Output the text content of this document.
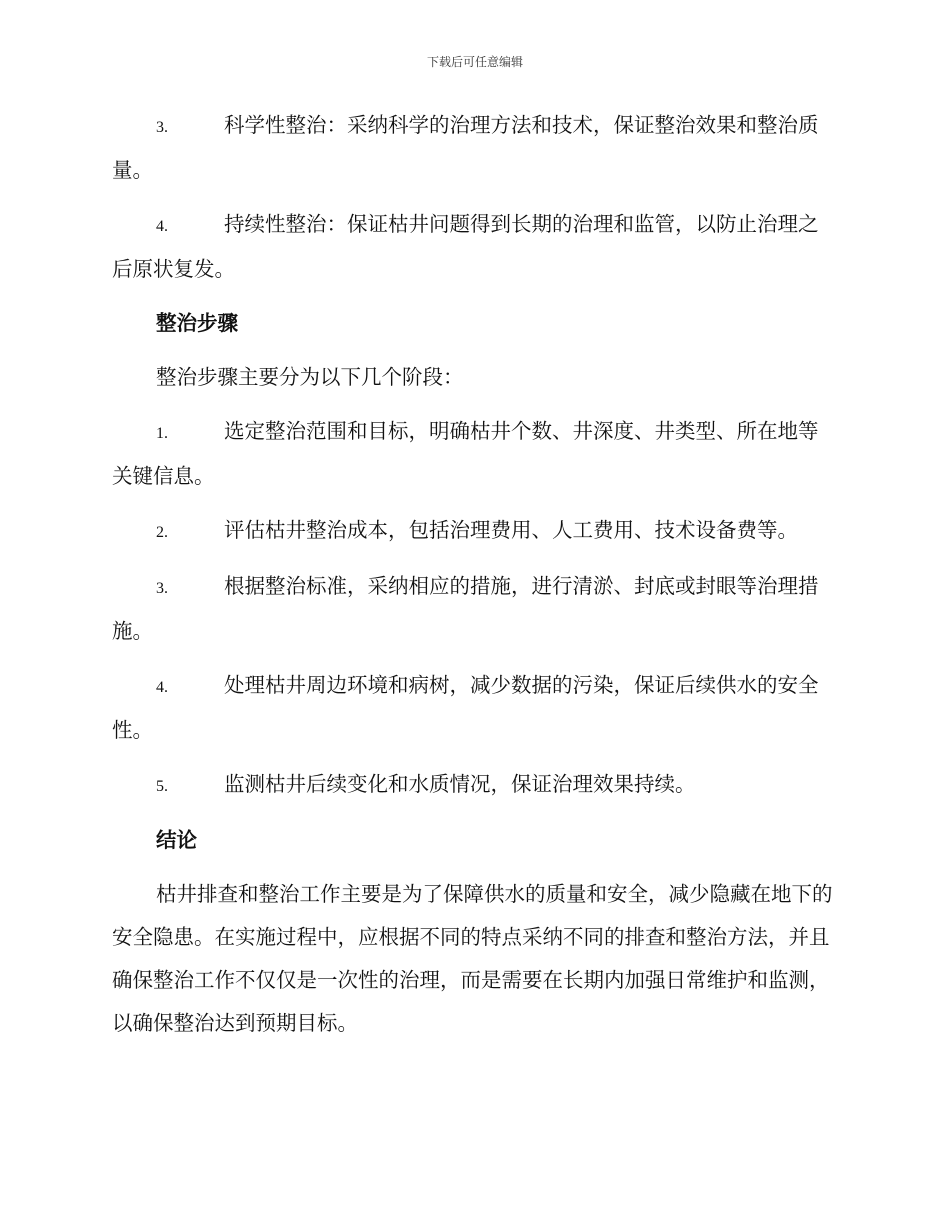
下载后可任意编辑

3.	科学性整治：采纳科学的治理方法和技术，保证整治效果和整治质量。

4.	持续性整治：保证枯井问题得到长期的治理和监管，以防止治理之后原状复发。

整治步骤

整治步骤主要分为以下几个阶段：

1.	选定整治范围和目标，明确枯井个数、井深度、井类型、所在地等关键信息。

2.	评估枯井整治成本，包括治理费用、人工费用、技术设备费等。

3.	根据整治标准，采纳相应的措施，进行清淤、封底或封眼等治理措施。

4.	处理枯井周边环境和病树，减少数据的污染，保证后续供水的安全性。

5.	监测枯井后续变化和水质情况，保证治理效果持续。

结论

枯井排查和整治工作主要是为了保障供水的质量和安全，减少隐藏在地下的安全隐患。在实施过程中，应根据不同的特点采纳不同的排查和整治方法，并且确保整治工作不仅仅是一次性的治理，而是需要在长期内加强日常维护和监测，以确保整治达到预期目标。
